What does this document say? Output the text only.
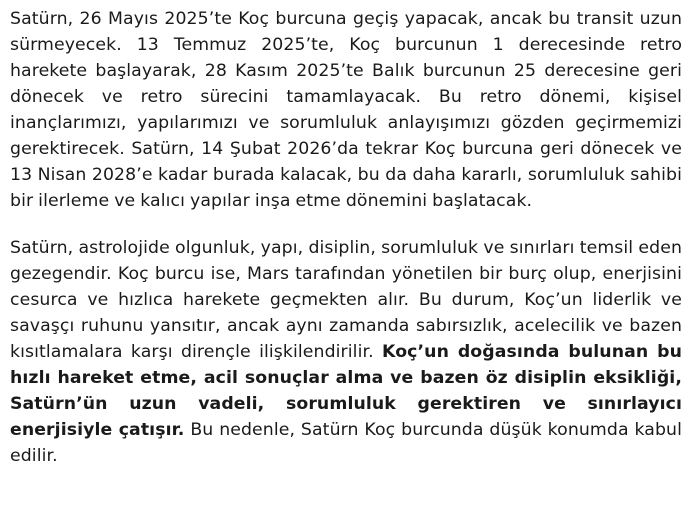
Satürn, 26 Mayıs 2025’te Koç burcuna geçiş yapacak, ancak bu transit uzun sürmeyecek. 13 Temmuz 2025’te, Koç burcunun 1 derecesinde retro harekete başlayarak, 28 Kasım 2025’te Balık burcunun 25 derecesine geri dönecek ve retro sürecini tamamlayacak. Bu retro dönemi, kişisel inançlarımızı, yapılarımızı ve sorumluluk anlayışımızı gözden geçirmemizi gerektirecek. Satürn, 14 Şubat 2026’da tekrar Koç burcuna geri dönecek ve 13 Nisan 2028’e kadar burada kalacak, bu da daha kararlı, sorumluluk sahibi bir ilerleme ve kalıcı yapılar inşa etme dönemini başlatacak.

Satürn, astrolojide olgunluk, yapı, disiplin, sorumluluk ve sınırları temsil eden gezegendir. Koç burcu ise, Mars tarafından yönetilen bir burç olup, enerjisini cesurca ve hızlıca harekete geçmekten alır. Bu durum, Koç’un liderlik ve savaşçı ruhunu yansıtır, ancak aynı zamanda sabırsızlık, acelecilik ve bazen kısıtlamalara karşı dirençle ilişkilendirilir. Koç’un doğasında bulunan bu hızlı hareket etme, acil sonuçlar alma ve bazen öz disiplin eksikliği, Satürn’ün uzun vadeli, sorumluluk gerektiren ve sınırlayıcı enerjisiyle çatışır. Bu nedenle, Satürn Koç burcunda düşük konumda kabul edilir.
